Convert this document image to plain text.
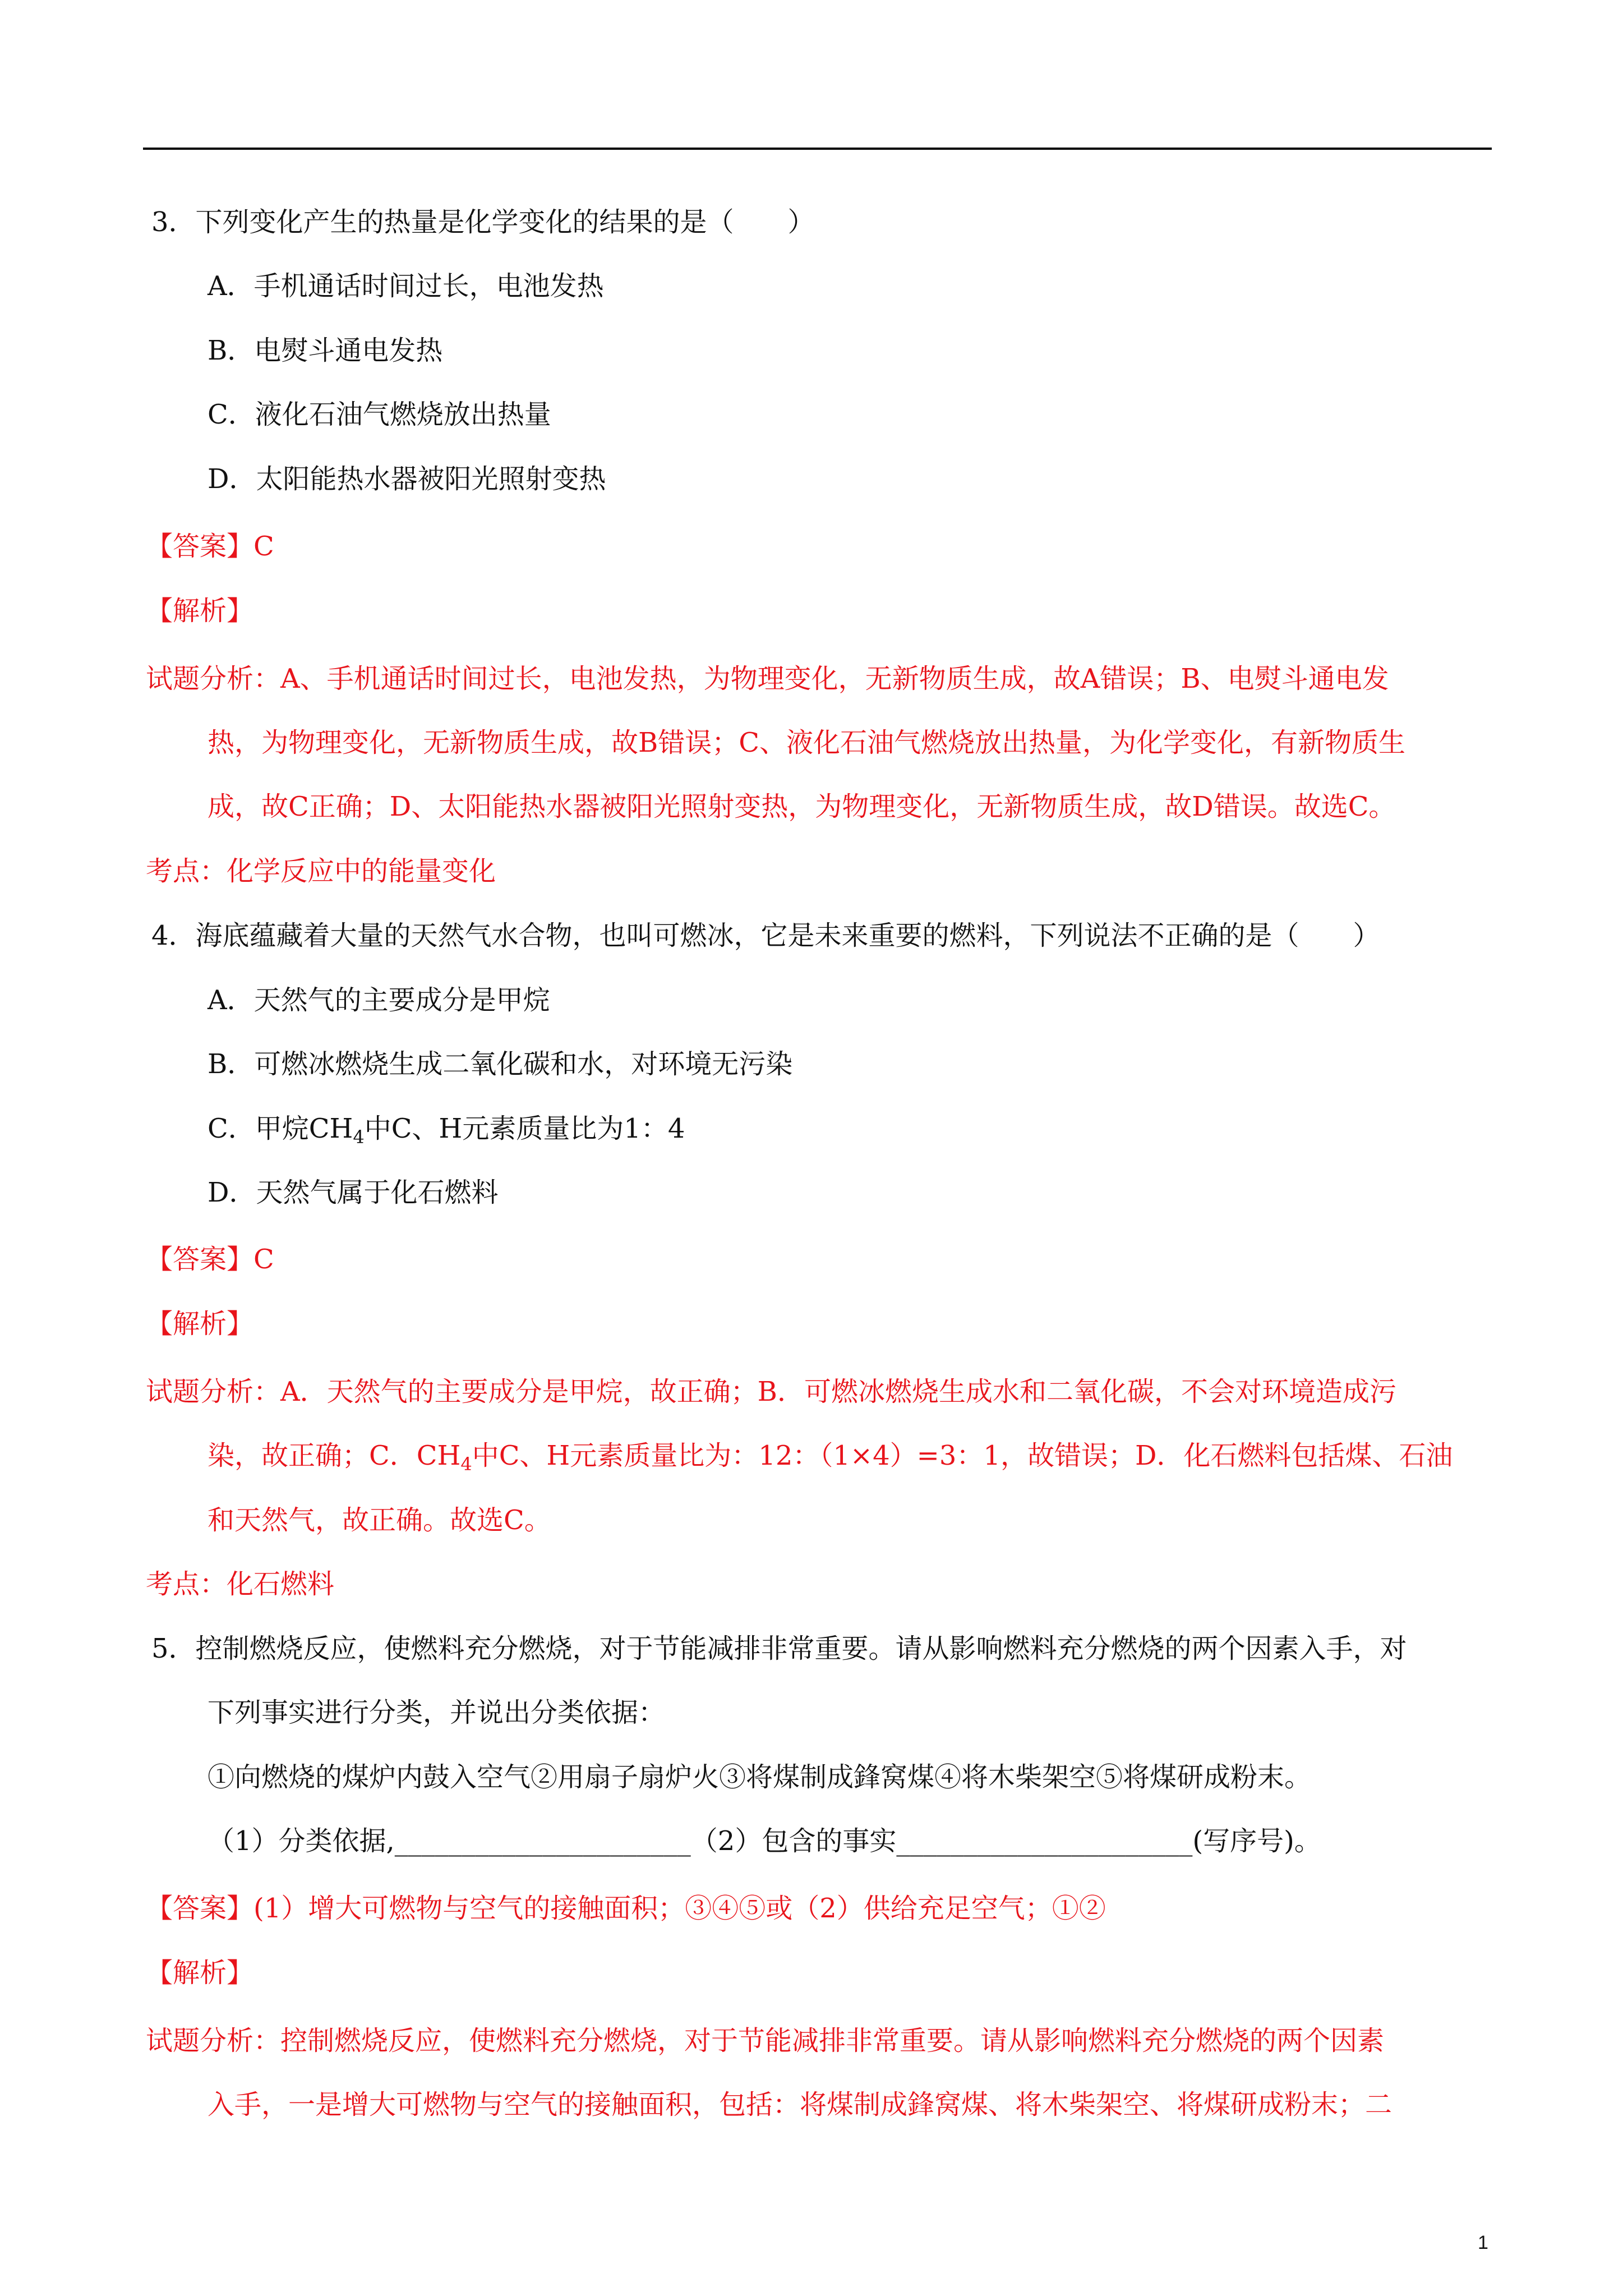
3．下列变化产生的热量是化学变化的结果的是（　　）
A．手机通话时间过长，电池发热
B．电熨斗通电发热
C．液化石油气燃烧放出热量
D．太阳能热水器被阳光照射变热
【答案】C
【解析】
试题分析：A、手机通话时间过长，电池发热，为物理变化，无新物质生成，故A错误；B、电熨斗通电发
热，为物理变化，无新物质生成，故B错误；C、液化石油气燃烧放出热量，为化学变化，有新物质生
成，故C正确；D、太阳能热水器被阳光照射变热，为物理变化，无新物质生成，故D错误。故选C。
考点：化学反应中的能量变化
4．海底蕴藏着大量的天然气水合物，也叫可燃冰，它是未来重要的燃料，下列说法不正确的是（　　）
A．天然气的主要成分是甲烷
B．可燃冰燃烧生成二氧化碳和水，对环境无污染
C．甲烷$CH_4$中C、H元素质量比为1：4
D．天然气属于化石燃料
【答案】C
【解析】
试题分析：A．天然气的主要成分是甲烷，故正确；B．可燃冰燃烧生成水和二氧化碳，不会对环境造成污
染，故正确；C．$CH_4$中C、H元素质量比为：12：（1×4）=3：1，故错误；D．化石燃料包括煤、石油
和天然气，故正确。故选C。
考点：化石燃料
5．控制燃烧反应，使燃料充分燃烧，对于节能减排非常重要。请从影响燃料充分燃烧的两个因素入手，对
下列事实进行分类，并说出分类依据：
①向燃烧的煤炉内鼓入空气②用扇子扇炉火③将煤制成鋒窝煤④将木柴架空⑤将煤研成粉末。
（1）分类依据,______________________（2）包含的事实______________________(写序号)。
【答案】(1）增大可燃物与空气的接触面积；③④⑤或（2）供给充足空气；①②
【解析】
试题分析：控制燃烧反应，使燃料充分燃烧，对于节能减排非常重要。请从影响燃料充分燃烧的两个因素
入手，一是增大可燃物与空气的接触面积，包括：将煤制成鋒窝煤、将木柴架空、将煤研成粉末；二
1
